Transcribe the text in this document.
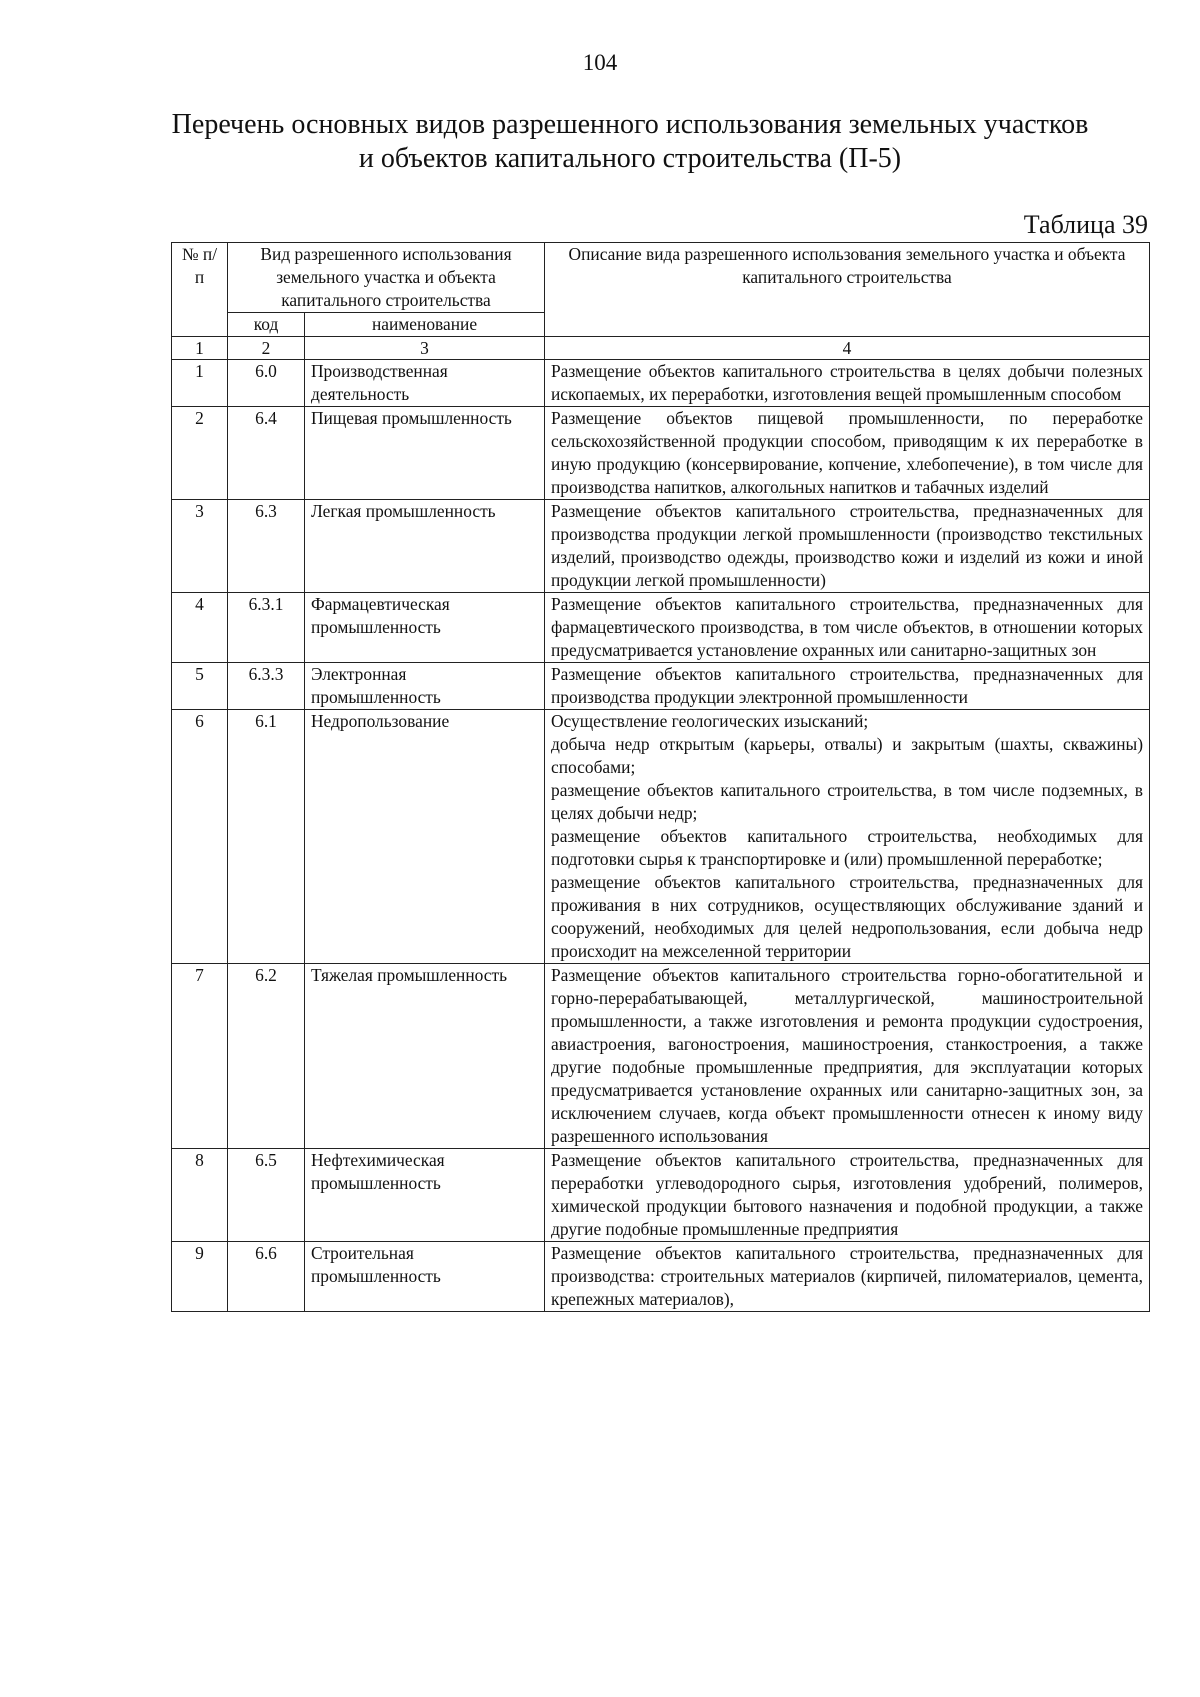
104
Перечень основных видов разрешенного использования земельных участков
и объектов капитального строительства (П-5)
Таблица 39
№ п/п	Вид разрешенного использования земельного участка и объекта капитального строительства		Описание вида разрешенного использования земельного участка и объекта капитального строительства
	код	наименование	
1	2	3	4
1	6.0	Производственная деятельность	Размещение объектов капитального строительства в целях добычи полезных ископаемых, их переработки, изготовления вещей промышленным способом
2	6.4	Пищевая промышленность	Размещение объектов пищевой промышленности, по переработке сельскохозяйственной продукции способом, приводящим к их переработке в иную продукцию (консервирование, копчение, хлебопечение), в том числе для производства напитков, алкогольных напитков и табачных изделий
3	6.3	Легкая промышленность	Размещение объектов капитального строительства, предназначенных для производства продукции легкой промышленности (производство текстильных изделий, производство одежды, производство кожи и изделий из кожи и иной продукции легкой промышленности)
4	6.3.1	Фармацевтическая промышленность	Размещение объектов капитального строительства, предназначенных для фармацевтического производства, в том числе объектов, в отношении которых предусматривается установление охранных или санитарно-защитных зон
5	6.3.3	Электронная промышленность	Размещение объектов капитального строительства, предназначенных для производства продукции электронной промышленности
6	6.1	Недропользование	Осуществление геологических изысканий;
добыча недр открытым (карьеры, отвалы) и закрытым (шахты, скважины) способами;
размещение объектов капитального строительства, в том числе подземных, в целях добычи недр;
размещение объектов капитального строительства, необходимых для подготовки сырья к транспортировке и (или) промышленной переработке;
размещение объектов капитального строительства, предназначенных для проживания в них сотрудников, осуществляющих обслуживание зданий и сооружений, необходимых для целей недропользования, если добыча недр происходит на межселенной территории
7	6.2	Тяжелая промышленность	Размещение объектов капитального строительства горно-обогатительной и горно-перерабатывающей, металлургической, машиностроительной промышленности, а также изготовления и ремонта продукции судостроения, авиастроения, вагоностроения, машиностроения, станкостроения, а также другие подобные промышленные предприятия, для эксплуатации которых предусматривается установление охранных или санитарно-защитных зон, за исключением случаев, когда объект промышленности отнесен к иному виду разрешенного использования
8	6.5	Нефтехимическая промышленность	Размещение объектов капитального строительства, предназначенных для переработки углеводородного сырья, изготовления удобрений, полимеров, химической продукции бытового назначения и подобной продукции, а также другие подобные промышленные предприятия
9	6.6	Строительная промышленность	Размещение объектов капитального строительства, предназначенных для производства: строительных материалов (кирпичей, пиломатериалов, цемента, крепежных материалов),
